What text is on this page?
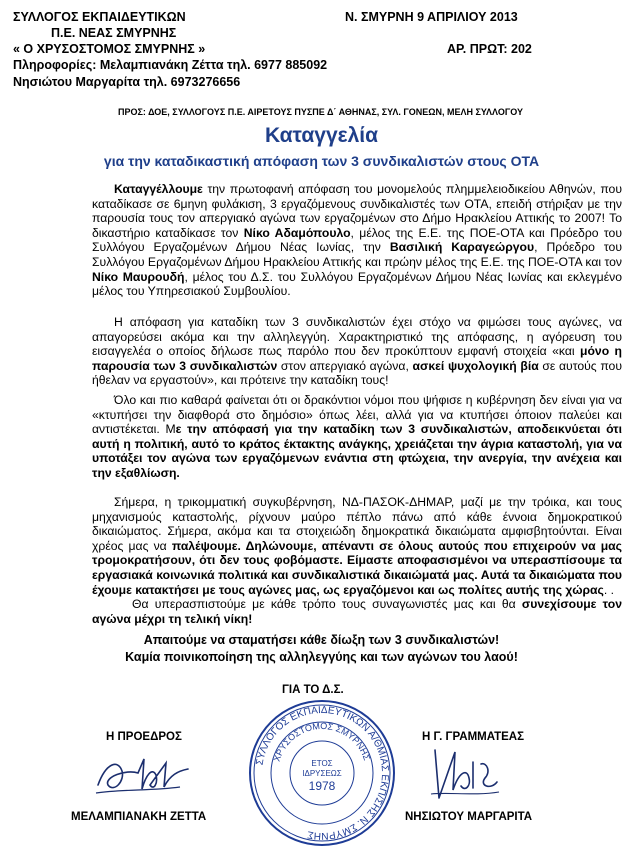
ΣΥΛΛΟΓΟΣ ΕΚΠΑΙΔΕΥΤΙΚΩΝ
Π.Ε. ΝΕΑΣ ΣΜΥΡΝΗΣ
« Ο ΧΡΥΣΟΣΤΟΜΟΣ ΣΜΥΡΝΗΣ »
Πληροφορίες: Μελαμπιανάκη Ζέττα τηλ. 6977 885092
Νησιώτου Μαργαρίτα τηλ. 6973276656
Ν. ΣΜΥΡΝΗ 9 ΑΠΡΙΛΙΟΥ 2013
ΑΡ. ΠΡΩΤ: 202
ΠΡΟΣ: ΔΟΕ, ΣΥΛΛΟΓΟΥΣ Π.Ε. ΑΙΡΕΤΟΥΣ ΠΥΣΠΕ Δ΄ ΑΘΗΝΑΣ, ΣΥΛ. ΓΟΝΕΩΝ, ΜΕΛΗ ΣΥΛΛΟΓΟΥ
Καταγγελία
για την καταδικαστική απόφαση των 3 συνδικαλιστών στους ΟΤΑ

Καταγγέλλουμε την πρωτοφανή απόφαση του μονομελούς πλημμελειοδικείου Αθηνών, που καταδίκασε σε 6μηνη φυλάκιση, 3 εργαζόμενους συνδικαλιστές των ΟΤΑ, επειδή στήριξαν με την παρουσία τους τον απεργιακό αγώνα των εργαζομένων στο Δήμο Ηρακλείου Αττικής το 2007! Το δικαστήριο καταδίκασε τον Νίκο Αδαμόπουλο, μέλος της Ε.Ε. της ΠΟΕ-ΟΤΑ και Πρόεδρο του Συλλόγου Εργαζομένων Δήμου Νέας Ιωνίας, την Βασιλική Καραγεώργου, Πρόεδρο του Συλλόγου Εργαζομένων Δήμου Ηρακλείου Αττικής και πρώην μέλος της Ε.Ε. της ΠΟΕ-ΟΤΑ και τον Νίκο Μαυρουδή, μέλος του Δ.Σ. του Συλλόγου Εργαζομένων Δήμου Νέας Ιωνίας και εκλεγμένο μέλος του Υπηρεσιακού Συμβουλίου.

Η απόφαση για καταδίκη των 3 συνδικαλιστών έχει στόχο να φιμώσει τους αγώνες, να απαγορεύσει ακόμα και την αλληλεγγύη. Χαρακτηριστικό της απόφασης, η αγόρευση του εισαγγελέα ο οποίος δήλωσε πως παρόλο που δεν προκύπτουν εμφανή στοιχεία «και μόνο η παρουσία των 3 συνδικαλιστών στον απεργιακό αγώνα, ασκεί ψυχολογική βία σε αυτούς που ήθελαν να εργαστούν», και πρότεινε την καταδίκη τους!

Όλο και πιο καθαρά φαίνεται ότι οι δρακόντιοι νόμοι που ψήφισε η κυβέρνηση δεν είναι για να «κτυπήσει την διαφθορά στο δημόσιο» όπως λέει, αλλά για να κτυπήσει όποιον παλεύει και αντιστέκεται. Με την απόφασή για την καταδίκη των 3 συνδικαλιστών, αποδεικνύεται ότι αυτή η πολιτική, αυτό το κράτος έκτακτης ανάγκης, χρειάζεται την άγρια καταστολή, για να υποτάξει τον αγώνα των εργαζόμενων ενάντια στη φτώχεια, την ανεργία, την ανέχεια και την εξαθλίωση.

Σήμερα, η τρικομματική συγκυβέρνηση, ΝΔ-ΠΑΣΟΚ-ΔΗΜΑΡ, μαζί με την τρόικα, και τους μηχανισμούς καταστολής, ρίχνουν μαύρο πέπλο πάνω από κάθε έννοια δημοκρατικού δικαιώματος. Σήμερα, ακόμα και τα στοιχειώδη δημοκρατικά δικαιώματα αμφισβητούνται. Είναι χρέος μας να παλέψουμε. Δηλώνουμε, απέναντι σε όλους αυτούς που επιχειρούν να μας τρομοκρατήσουν, ότι δεν τους φοβόμαστε. Είμαστε αποφασισμένοι να υπερασπίσουμε τα εργασιακά κοινωνικά πολιτικά και συνδικαλιστικά δικαιώματά μας. Αυτά τα δικαιώματα που έχουμε κατακτήσει με τους αγώνες μας, ως εργαζόμενοι και ως πολίτες αυτής της χώρας. .

Θα υπερασπιστούμε με κάθε τρόπο τους συναγωνιστές μας και θα συνεχίσουμε τον αγώνα μέχρι τη τελική νίκη!

Απαιτούμε να σταματήσει κάθε δίωξη των 3 συνδικαλιστών!
Καμία ποινικοποίηση της αλληλεγγύης και των αγώνων του λαού!
ΓΙΑ ΤΟ Δ.Σ.
Η ΠΡΟΕΔΡΟΣ
ΜΕΛΑΜΠΙΑΝΑΚΗ ΖΕΤΤΑ
Η Γ. ΓΡΑΜΜΑΤΕΑΣ
ΝΗΣΙΩΤΟΥ ΜΑΡΓΑΡΙΤΑ
ΣΥΛΛΟΓΟΣ ΕΚΠΑΙΔΕΥΤΙΚΩΝ Α/ΘΜΙΑΣ ΕΚΠ/ΣΗΣ Ν. ΣΜΥΡΝΗΣ
ΧΡΥΣΟΣΤΟΜΟΣ ΣΜΥΡΝΗΣ
ΕΤΟΣ
ΙΔΡΥΣΕΩΣ
1978
